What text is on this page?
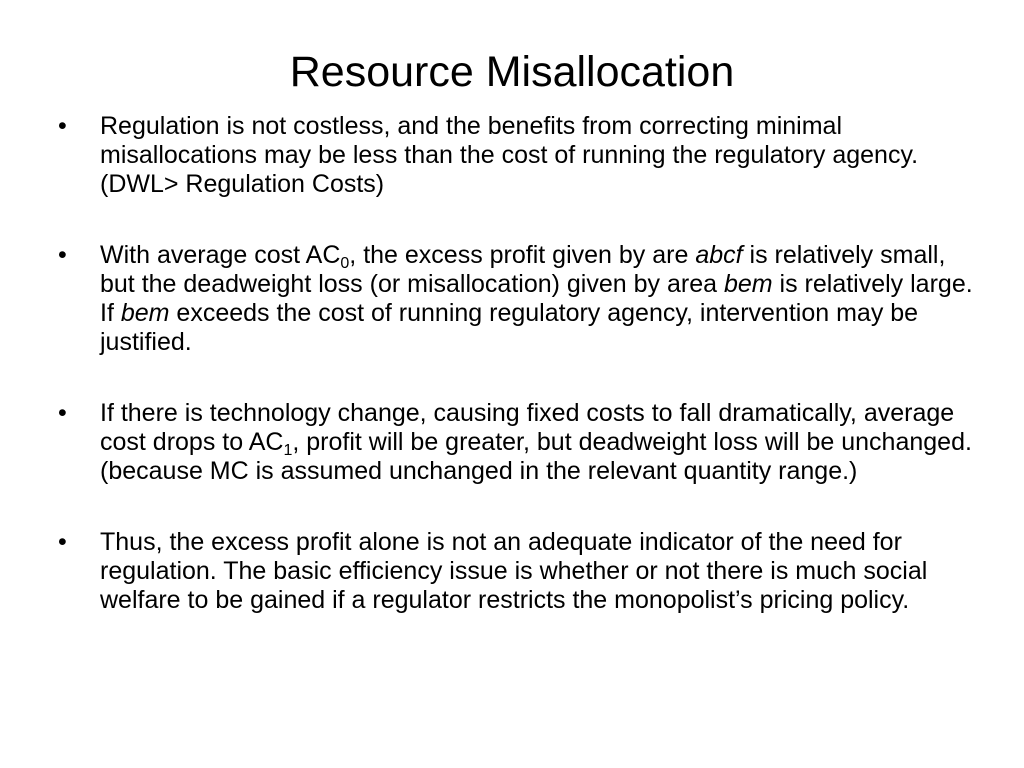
Resource Misallocation
• Regulation is not costless, and the benefits from correcting minimal misallocations may be less than the cost of running the regulatory agency. (DWL> Regulation Costs)
• With average cost $AC_0$, the excess profit given by are abcf is relatively small, but the deadweight loss (or misallocation) given by area bem is relatively large. If bem exceeds the cost of running regulatory agency, intervention may be justified.
• If there is technology change, causing fixed costs to fall dramatically, average cost drops to $AC_1$, profit will be greater, but deadweight loss will be unchanged. (because MC is assumed unchanged in the relevant quantity range.)
• Thus, the excess profit alone is not an adequate indicator of the need for regulation. The basic efficiency issue is whether or not there is much social welfare to be gained if a regulator restricts the monopolist’s pricing policy.
